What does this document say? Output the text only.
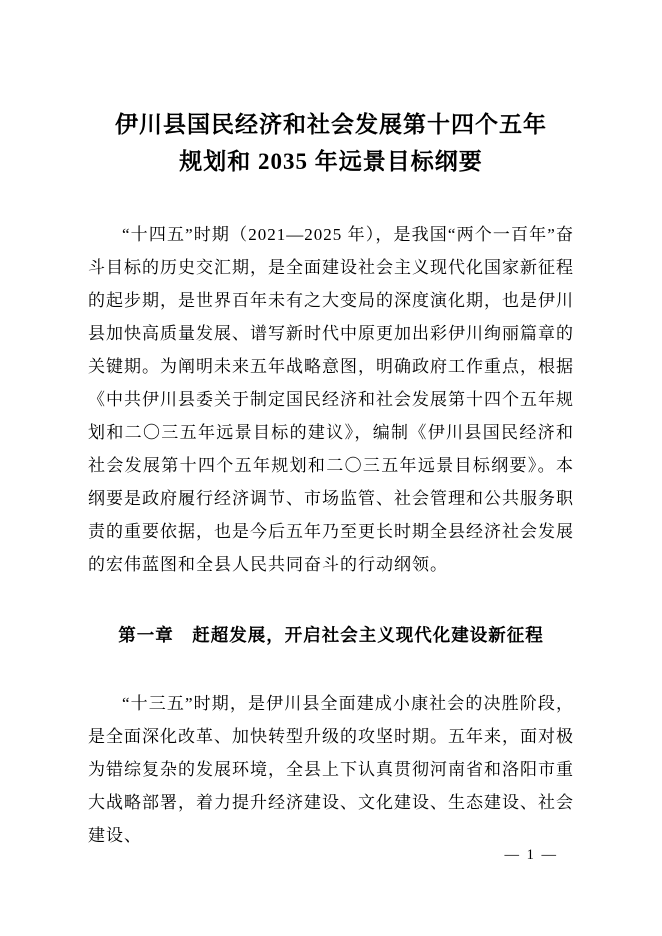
伊川县国民经济和社会发展第十四个五年
规划和 2035 年远景目标纲要

“十四五”时期（2021—2025 年），是我国“两个一百年”奋斗目标的历史交汇期，是全面建设社会主义现代化国家新征程的起步期，是世界百年未有之大变局的深度演化期，也是伊川县加快高质量发展、谱写新时代中原更加出彩伊川绚丽篇章的关键期。为阐明未来五年战略意图，明确政府工作重点，根据《中共伊川县委关于制定国民经济和社会发展第十四个五年规划和二〇三五年远景目标的建议》，编制《伊川县国民经济和社会发展第十四个五年规划和二〇三五年远景目标纲要》。本纲要是政府履行经济调节、市场监管、社会管理和公共服务职责的重要依据，也是今后五年乃至更长时期全县经济社会发展的宏伟蓝图和全县人民共同奋斗的行动纲领。

第一章　赶超发展，开启社会主义现代化建设新征程

“十三五”时期，是伊川县全面建成小康社会的决胜阶段，是全面深化改革、加快转型升级的攻坚时期。五年来，面对极为错综复杂的发展环境，全县上下认真贯彻河南省和洛阳市重大战略部署，着力提升经济建设、文化建设、生态建设、社会建设、

— 1 —
